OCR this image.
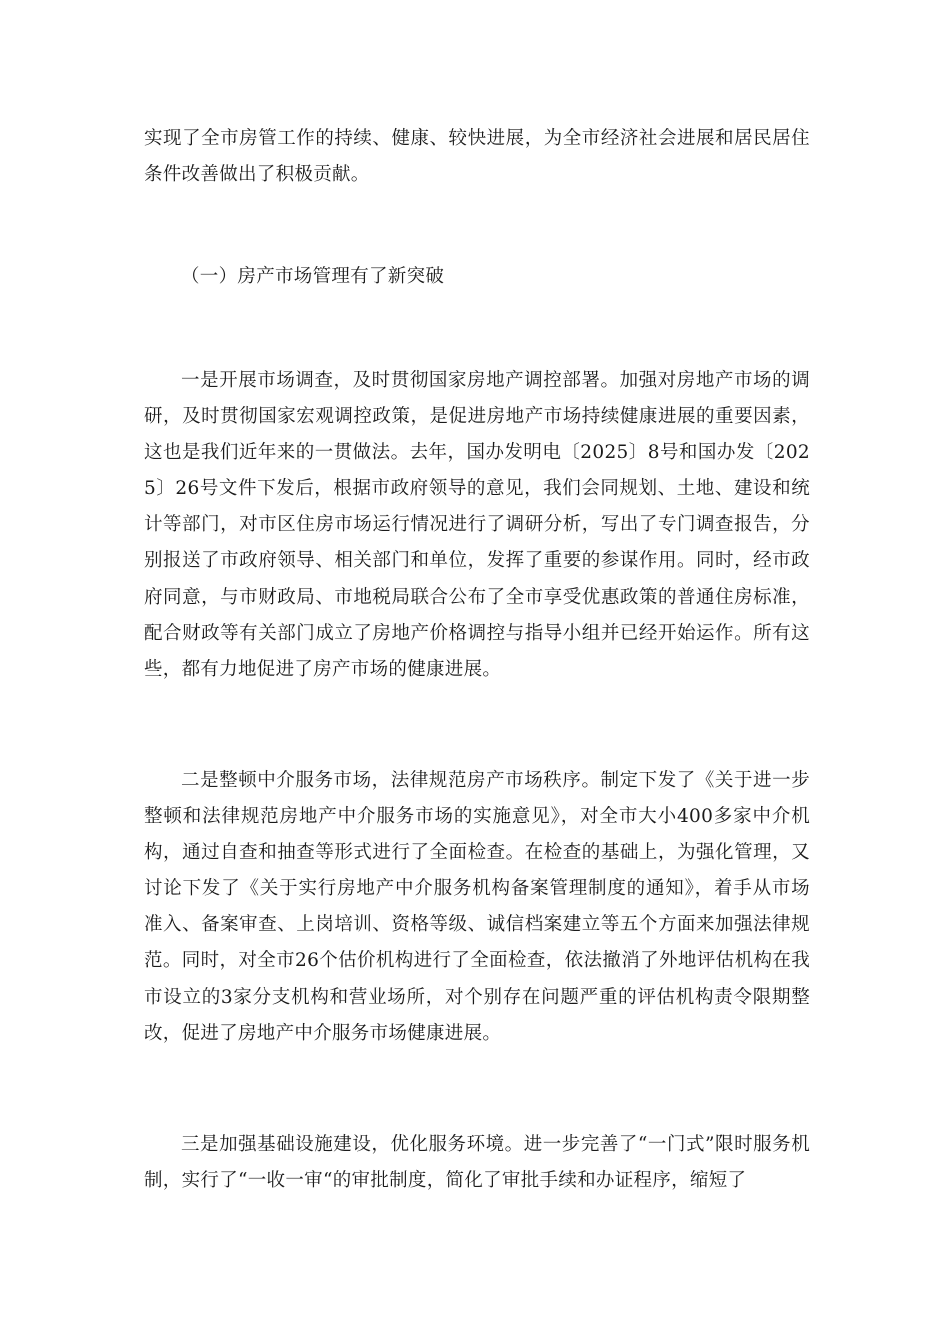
实现了全市房管工作的持续、健康、较快进展，为全市经济社会进展和居民居住条件改善做出了积极贡献。

（一）房产市场管理有了新突破

一是开展市场调查，及时贯彻国家房地产调控部署。加强对房地产市场的调研，及时贯彻国家宏观调控政策，是促进房地产市场持续健康进展的重要因素，这也是我们近年来的一贯做法。去年，国办发明电〔2025〕8号和国办发〔2025〕26号文件下发后，根据市政府领导的意见，我们会同规划、土地、建设和统计等部门，对市区住房市场运行情况进行了调研分析，写出了专门调查报告，分别报送了市政府领导、相关部门和单位，发挥了重要的参谋作用。同时，经市政府同意，与市财政局、市地税局联合公布了全市享受优惠政策的普通住房标准，配合财政等有关部门成立了房地产价格调控与指导小组并已经开始运作。所有这些，都有力地促进了房产市场的健康进展。

二是整顿中介服务市场，法律规范房产市场秩序。制定下发了《关于进一步整顿和法律规范房地产中介服务市场的实施意见》，对全市大小400多家中介机构，通过自查和抽查等形式进行了全面检查。在检查的基础上，为强化管理，又讨论下发了《关于实行房地产中介服务机构备案管理制度的通知》，着手从市场准入、备案审查、上岗培训、资格等级、诚信档案建立等五个方面来加强法律规范。同时，对全市26个估价机构进行了全面检查，依法撤消了外地评估机构在我市设立的3家分支机构和营业场所，对个别存在问题严重的评估机构责令限期整改，促进了房地产中介服务市场健康进展。

三是加强基础设施建设，优化服务环境。进一步完善了“一门式”限时服务机制，实行了“一收一审“的审批制度，简化了审批手续和办证程序，缩短了
